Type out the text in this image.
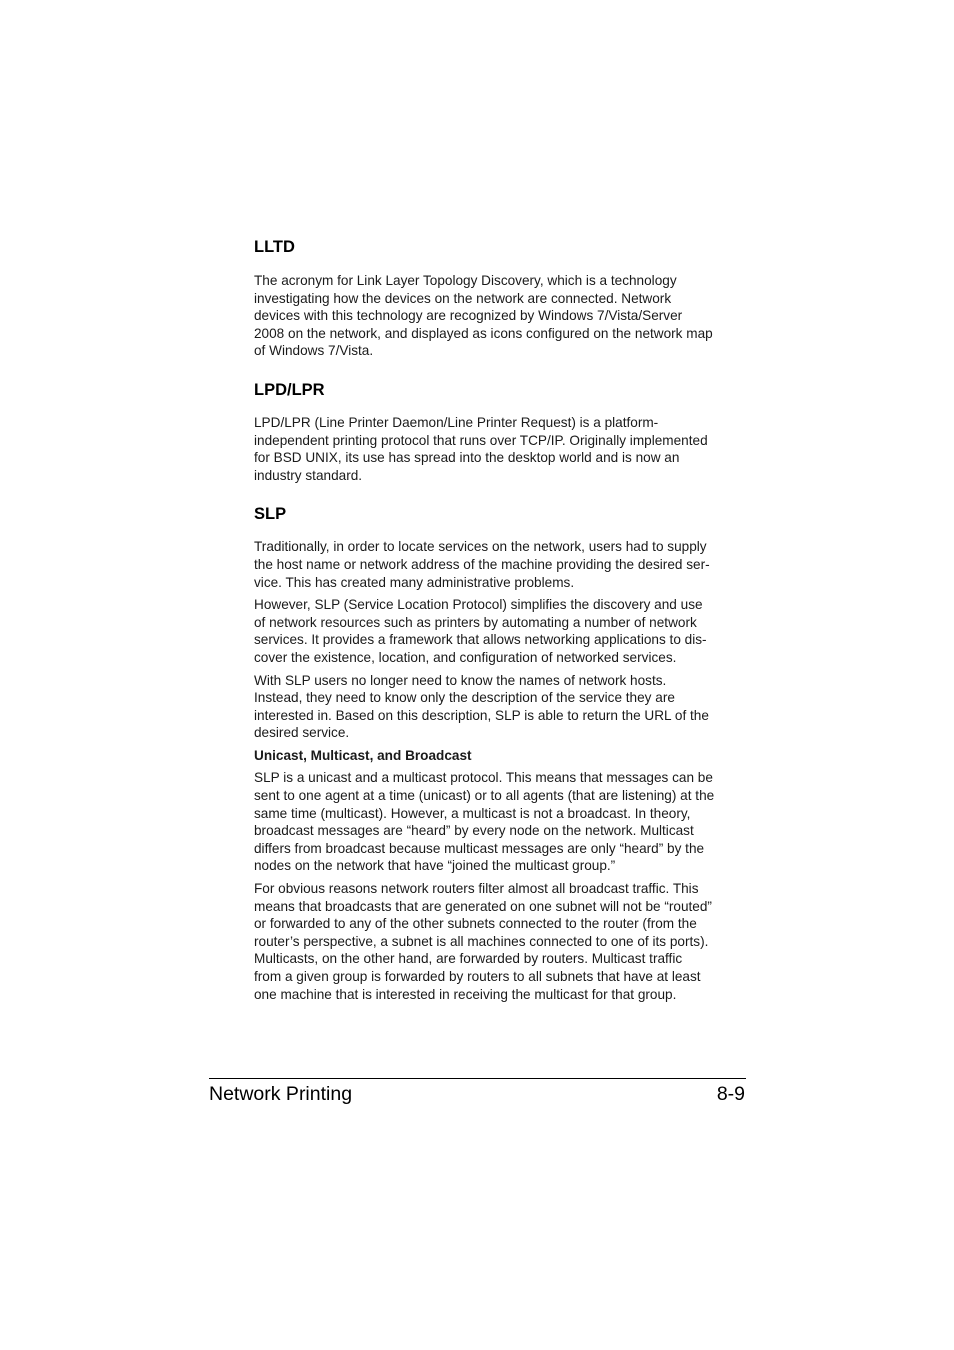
LLTD

The acronym for Link Layer Topology Discovery, which is a technology
investigating how the devices on the network are connected. Network
devices with this technology are recognized by Windows 7/Vista/Server
2008 on the network, and displayed as icons configured on the network map
of Windows 7/Vista.

LPD/LPR

LPD/LPR (Line Printer Daemon/Line Printer Request) is a platform-
independent printing protocol that runs over TCP/IP. Originally implemented
for BSD UNIX, its use has spread into the desktop world and is now an
industry standard.

SLP

Traditionally, in order to locate services on the network, users had to supply
the host name or network address of the machine providing the desired ser-
vice. This has created many administrative problems.

However, SLP (Service Location Protocol) simplifies the discovery and use
of network resources such as printers by automating a number of network
services. It provides a framework that allows networking applications to dis-
cover the existence, location, and configuration of networked services.

With SLP users no longer need to know the names of network hosts.
Instead, they need to know only the description of the service they are
interested in. Based on this description, SLP is able to return the URL of the
desired service.

Unicast, Multicast, and Broadcast

SLP is a unicast and a multicast protocol. This means that messages can be
sent to one agent at a time (unicast) or to all agents (that are listening) at the
same time (multicast). However, a multicast is not a broadcast. In theory,
broadcast messages are “heard” by every node on the network. Multicast
differs from broadcast because multicast messages are only “heard” by the
nodes on the network that have “joined the multicast group.”

For obvious reasons network routers filter almost all broadcast traffic. This
means that broadcasts that are generated on one subnet will not be “routed”
or forwarded to any of the other subnets connected to the router (from the
router’s perspective, a subnet is all machines connected to one of its ports).
Multicasts, on the other hand, are forwarded by routers. Multicast traffic
from a given group is forwarded by routers to all subnets that have at least
one machine that is interested in receiving the multicast for that group.

Network Printing	8-9
